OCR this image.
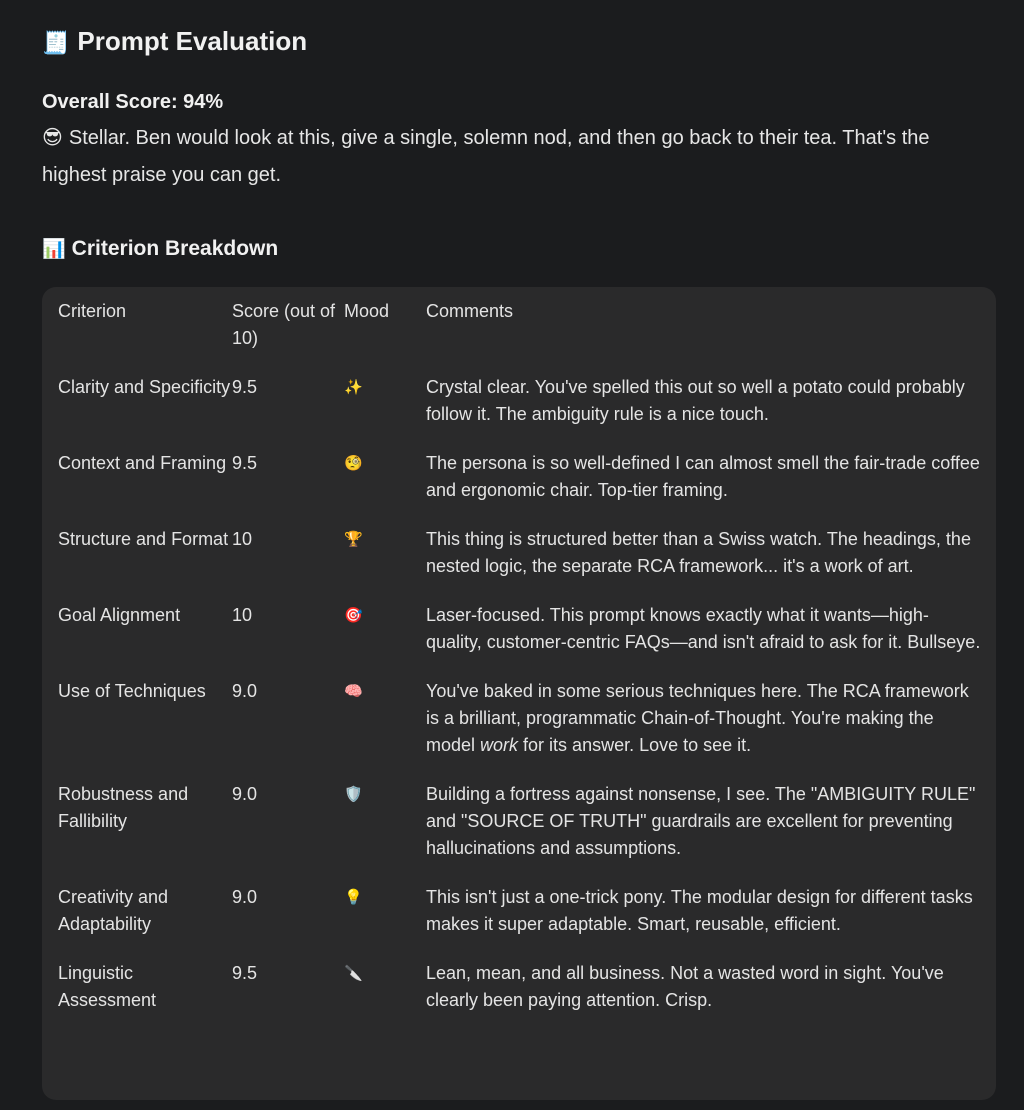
🧾 Prompt Evaluation
Overall Score: 94%
😎 Stellar. Ben would look at this, give a single, solemn nod, and then go back to their tea. That's the highest praise you can get.
📊 Criterion Breakdown
Criterion	Score (out of 10)	Mood	Comments
Clarity and Specificity	9.5	✨	Crystal clear. You've spelled this out so well a potato could probably follow it. The ambiguity rule is a nice touch.
Context and Framing	9.5	🧐	The persona is so well-defined I can almost smell the fair-trade coffee and ergonomic chair. Top-tier framing.
Structure and Format	10	🏆	This thing is structured better than a Swiss watch. The headings, the nested logic, the separate RCA framework... it's a work of art.
Goal Alignment	10	🎯	Laser-focused. This prompt knows exactly what it wants—high-quality, customer-centric FAQs—and isn't afraid to ask for it. Bullseye.
Use of Techniques	9.0	🧠	You've baked in some serious techniques here. The RCA framework is a brilliant, programmatic Chain-of-Thought. You're making the model work for its answer. Love to see it.
Robustness and Fallibility	9.0	🛡️	Building a fortress against nonsense, I see. The "AMBIGUITY RULE" and "SOURCE OF TRUTH" guardrails are excellent for preventing hallucinations and assumptions.
Creativity and Adaptability	9.0	💡	This isn't just a one-trick pony. The modular design for different tasks makes it super adaptable. Smart, reusable, efficient.
Linguistic Assessment	9.5	🔪	Lean, mean, and all business. Not a wasted word in sight. You've clearly been paying attention. Crisp.
